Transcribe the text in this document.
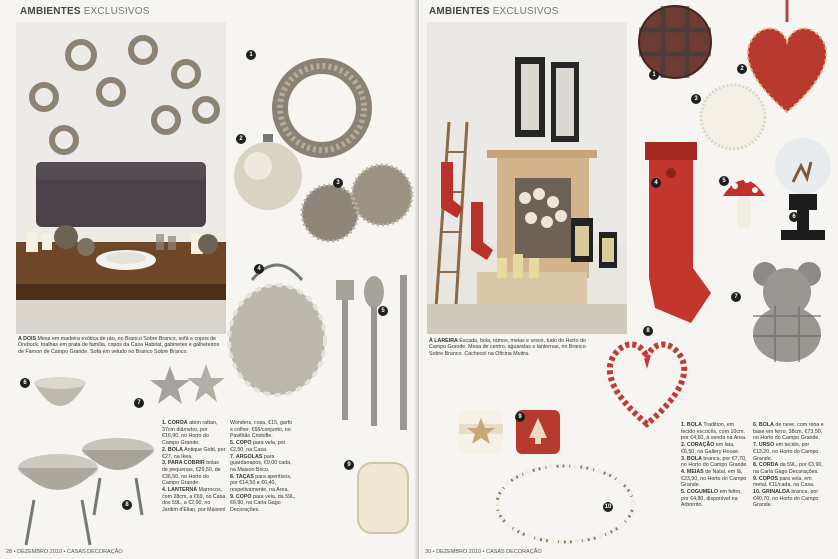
AMBIENTES EXCLUSIVOS
A DOIS Mesa em madeira exótica de ráo, no Branco Sobre Branco, sofá e copos de Orebock, toalhas em prata de família, copos da Casa Habitat, gabinetes e galheteiros de Farnon de Campo Grande. Sofá em veludo no Branco Sobre Branco.
1
2
3
4
5
6
7
8
9
1. COROA atém rattan, 37cm diâmetro, por €16,90, no Horto do Campo Grande.
2. BOLA Antique Gold, por €27, na Ikea.
3. PARA COBRIR bolas de pequenas, €29,50, de €36,50, no Horto do Campo Grande.
4. LANTERNA Marrocos, com 28cm, a €69, no Casa dos 59L, a €2,90, no Jardim d'Elian, por Maisoni
Wonders, cosa, €15, garfo e colher, €66/conjunto, no Pavilhão Cristofle.
5. COPO para vela, por €2,50, na Casa.
7. ARGOLAS para guardanapos, €9,00 cada, na Maison Brico.
8. TAÇAS para aperitivos, por €14,50 e €6,40, respetivamente, na Area.
9. COPO para vela, da 59L, €6,90, na Carla Gago Decorações.
28 • DEZEMBRO 2010 • CASAS DECORAÇÃO
AMBIENTES EXCLUSIVOS
À LAREIRA Escada, bola, ramos, meias e ursos, tudo do Horto do Campo Grande. Mesa de centro, aguarelas e lanternas, no Branco Sobre Branco. Cachecol na Oficina Muitra.
1
2
3
4	5
6
7
8
9
10
1. BOLA Tradition, em tecido escocês, com 10cm, por €4,60, à venda na Area.
2. CORAÇÃO em lata, €6,50, na Gallery House.
3. BOLA branca, por €7,70, no Horto do Campo Grande.
4. MEIAS de Natal, em lã, €23,90, no Horto do Campo Grande.
5. COGUMELO em feltro, por €4,80, disponível na Arborrito.
6. BOLA de neve, com rena e base em ferro, 38cm, €73,50, no Horto do Campo Grande.
7. URSO em tecido, por €13,20, no Horto do Campo Grande.
8. CORDA da 59L, por €3,90, na Carla Gago Decorações.
9. COPOS para vela, em metal, €11/cada, na Casa.
10. GRINALDA branca, por €40,70, no Horto do Campo Grande.
30 • DEZEMBRO 2010 • CASAS DECORAÇÃO
